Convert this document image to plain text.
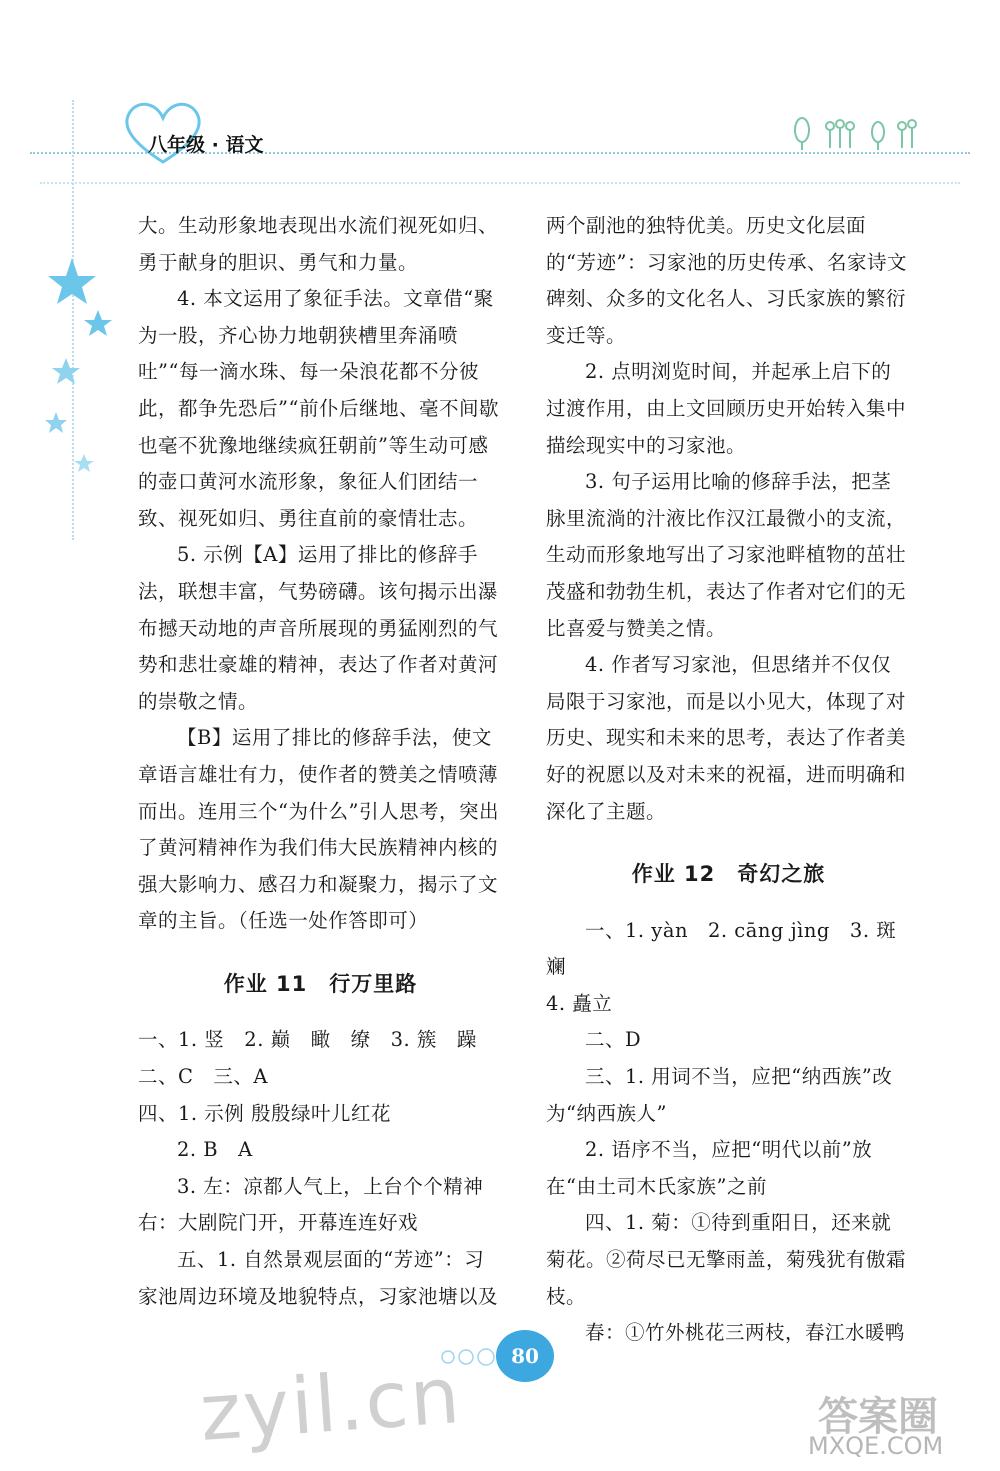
八年级 · 语文

大。生动形象地表现出水流们视死如归、勇于献身的胆识、勇气和力量。

4. 本文运用了象征手法。文章借“聚为一股，齐心协力地朝狭槽里奔涌喷吐”“每一滴水珠、每一朵浪花都不分彼此，都争先恐后”“前仆后继地、毫不间歇也毫不犹豫地继续疯狂朝前”等生动可感的壶口黄河水流形象，象征人们团结一致、视死如归、勇往直前的豪情壮志。

5. 示例【A】运用了排比的修辞手法，联想丰富，气势磅礴。该句揭示出瀑布撼天动地的声音所展现的勇猛刚烈的气势和悲壮豪雄的精神，表达了作者对黄河的崇敬之情。

【B】运用了排比的修辞手法，使文章语言雄壮有力，使作者的赞美之情喷薄而出。连用三个“为什么”引人思考，突出了黄河精神作为我们伟大民族精神内核的强大影响力、感召力和凝聚力，揭示了文章的主旨。（任选一处作答即可）

作业 11　行万里路

一、1. 竖　2. 巅　瞰　缭　3. 簇　躁

二、C　三、A

四、1. 示例 殷殷绿叶儿红花

2. B　A

3. 左：凉都人气上，上台个个精神

右：大剧院门开，开幕连连好戏

五、1. 自然景观层面的“芳迹”：习家池周边环境及地貌特点，习家池塘以及

两个副池的独特优美。历史文化层面的“芳迹”：习家池的历史传承、名家诗文碑刻、众多的文化名人、习氏家族的繁衍变迁等。

2. 点明浏览时间，并起承上启下的过渡作用，由上文回顾历史开始转入集中描绘现实中的习家池。

3. 句子运用比喻的修辞手法，把茎脉里流淌的汁液比作汉江最微小的支流，生动而形象地写出了习家池畔植物的茁壮茂盛和勃勃生机，表达了作者对它们的无比喜爱与赞美之情。

4. 作者写习家池，但思绪并不仅仅局限于习家池，而是以小见大，体现了对历史、现实和未来的思考，表达了作者美好的祝愿以及对未来的祝福，进而明确和深化了主题。

作业 12　奇幻之旅

一、1. yàn　2. cāng jìng　3. 斑斓

4. 矗立

二、D

三、1. 用词不当，应把“纳西族”改为“纳西族人”

2. 语序不当，应把“明代以前”放在“由土司木氏家族”之前

四、1. 菊：①待到重阳日，还来就菊花。②荷尽已无擎雨盖，菊残犹有傲霜枝。

春：①竹外桃花三两枝，春江水暖鸭

80
zyil.cn	答案圈
MXQE.COM
